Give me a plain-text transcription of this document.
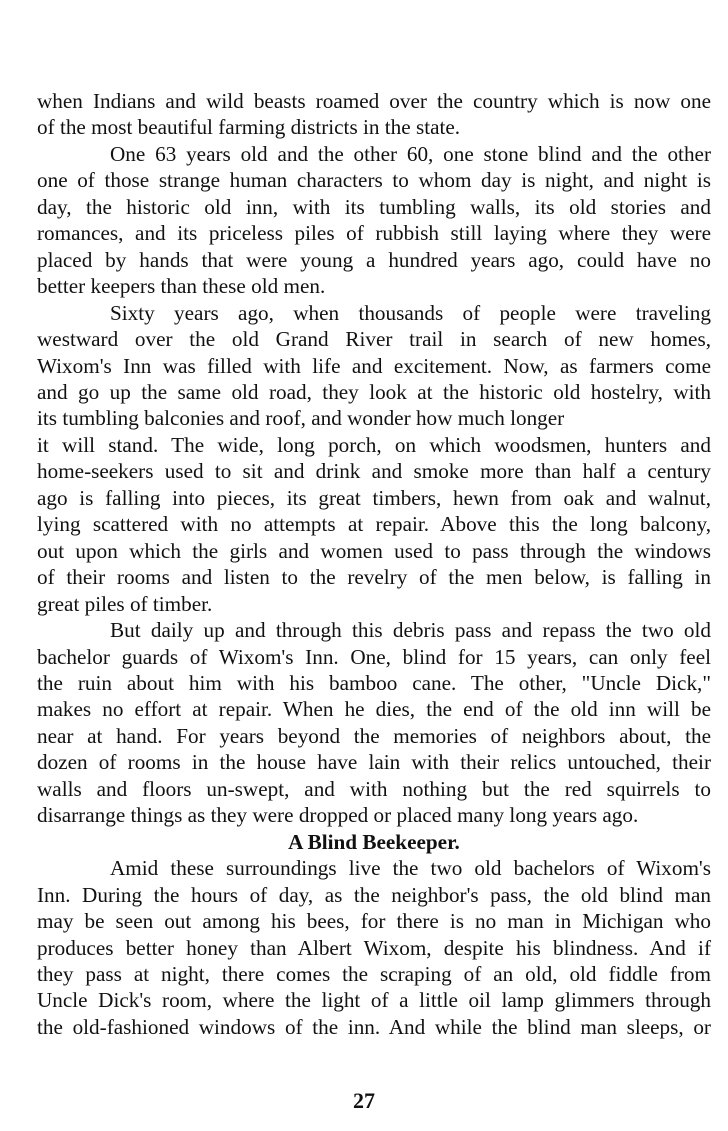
when Indians and wild beasts roamed over the country which is now one
of the most beautiful farming districts in the state.

One 63 years old and the other 60, one stone blind and the other
one of those strange human characters to whom day is night, and night is
day, the historic old inn, with its tumbling walls, its old stories and
romances, and its priceless piles of rubbish still laying where they were
placed by hands that were young a hundred years ago, could have no
better keepers than these old men.

Sixty years ago, when thousands of people were traveling
westward over the old Grand River trail in search of new homes,
Wixom's Inn was filled with life and excitement. Now, as farmers come
and go up the same old road, they look at the historic old hostelry, with
its tumbling balconies and roof, and wonder how much longer

it will stand. The wide, long porch, on which woodsmen, hunters and
home-seekers used to sit and drink and smoke more than half a century
ago is falling into pieces, its great timbers, hewn from oak and walnut,
lying scattered with no attempts at repair. Above this the long balcony,
out upon which the girls and women used to pass through the windows
of their rooms and listen to the revelry of the men below, is falling in
great piles of timber.

But daily up and through this debris pass and repass the two old
bachelor guards of Wixom's Inn. One, blind for 15 years, can only feel
the ruin about him with his bamboo cane. The other, "Uncle Dick,"
makes no effort at repair. When he dies, the end of the old inn will be
near at hand. For years beyond the memories of neighbors about, the
dozen of rooms in the house have lain with their relics untouched, their
walls and floors un-swept, and with nothing but the red squirrels to
disarrange things as they were dropped or placed many long years ago.

A Blind Beekeeper.

Amid these surroundings live the two old bachelors of Wixom's
Inn. During the hours of day, as the neighbor's pass, the old blind man
may be seen out among his bees, for there is no man in Michigan who
produces better honey than Albert Wixom, despite his blindness. And if
they pass at night, there comes the scraping of an old, old fiddle from
Uncle Dick's room, where the light of a little oil lamp glimmers through
the old-fashioned windows of the inn. And while the blind man sleeps, or

27
